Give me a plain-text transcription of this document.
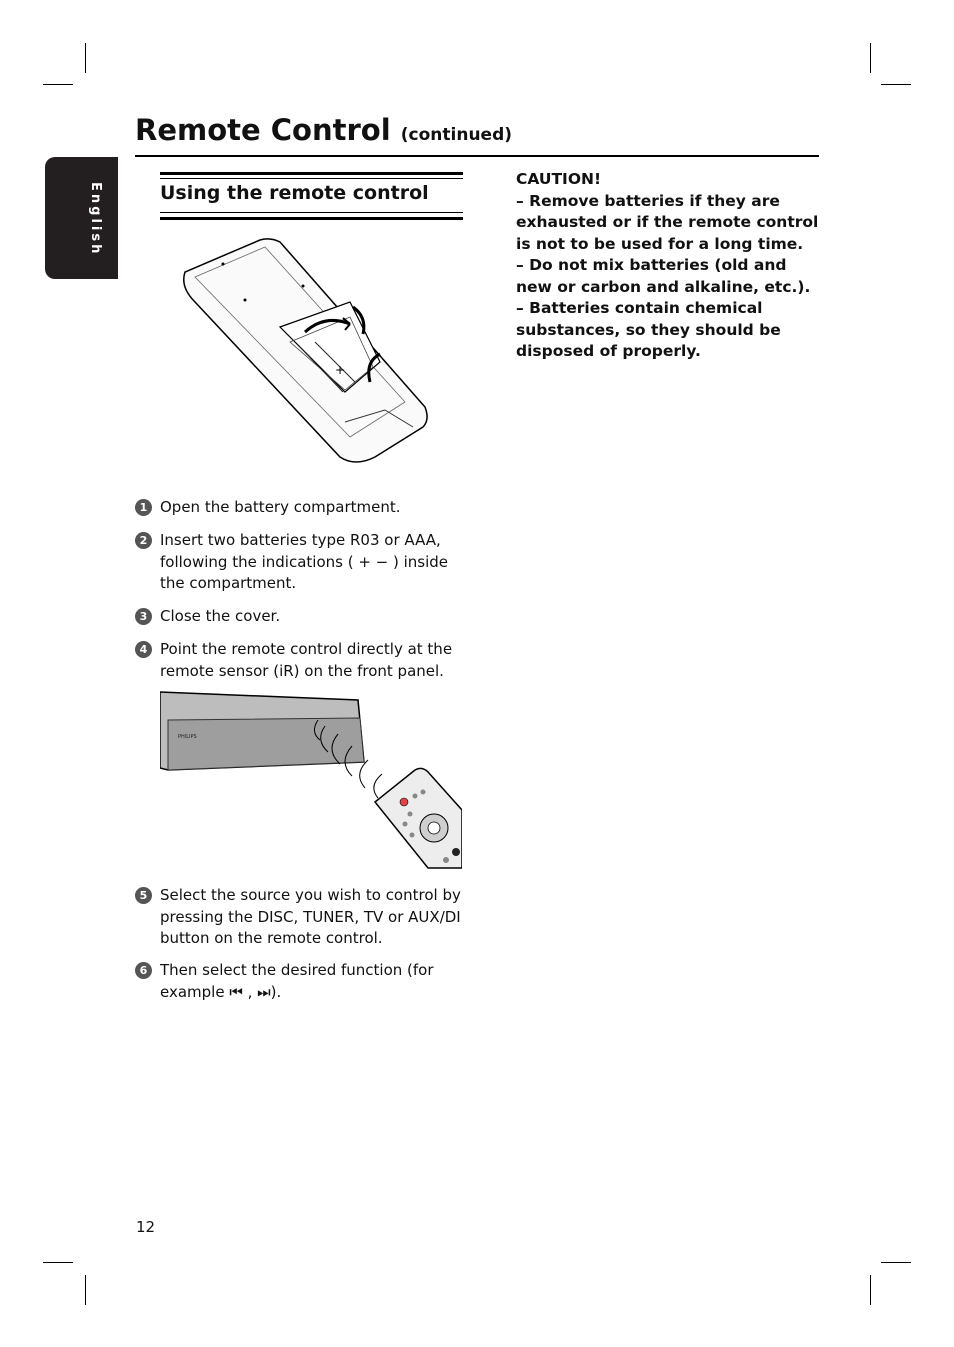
English
Remote Control (continued)
Using the remote control
CAUTION!
– Remove batteries if they are exhausted or if the remote control is not to be used for a long time.
– Do not mix batteries (old and new or carbon and alkaline, etc.).
– Batteries contain chemical substances, so they should be disposed of properly.
+
1 Open the battery compartment.
2 Insert two batteries type R03 or AAA, following the indications ( + − ) inside the compartment.
3 Close the cover.
4 Point the remote control directly at the remote sensor (iR) on the front panel.
PHILIPS
5 Select the source you wish to control by pressing the DISC, TUNER, TV or AUX/DI button on the remote control.
6 Then select the desired function (for example ⏮ , ⏭).
12
